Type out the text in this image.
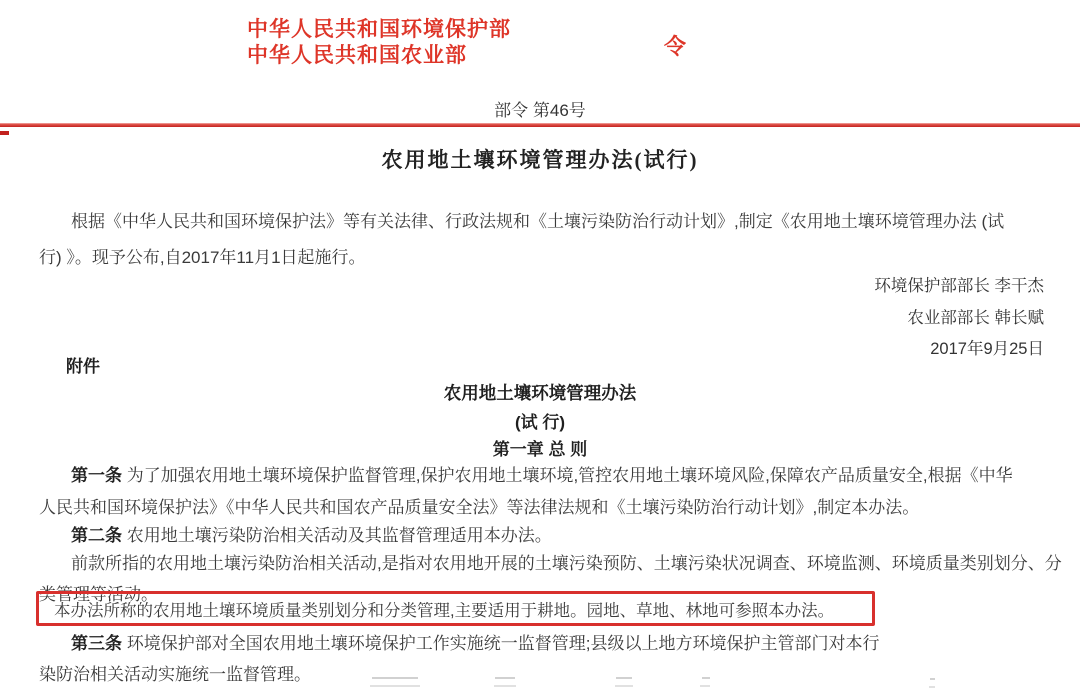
中华人民共和国环境保护部
中华人民共和国农业部	令
部令 第46号
农用地土壤环境管理办法(试行)
根据《中华人民共和国环境保护法》等有关法律、行政法规和《土壤污染防治行动计划》,制定《农用地土壤环境管理办法 (试
行) 》。现予公布,自2017年11月1日起施行。
环境保护部部长 李干杰
农业部部长 韩长赋
2017年9月25日
附件
农用地土壤环境管理办法
(试 行)
第一章 总 则
第一条 为了加强农用地土壤环境保护监督管理,保护农用地土壤环境,管控农用地土壤环境风险,保障农产品质量安全,根据《中华
人民共和国环境保护法》《中华人民共和国农产品质量安全法》等法律法规和《土壤污染防治行动计划》,制定本办法。
第二条 农用地土壤污染防治相关活动及其监督管理适用本办法。
前款所指的农用地土壤污染防治相关活动,是指对农用地开展的土壤污染预防、土壤污染状况调查、环境监测、环境质量类别划分、分
类管理等活动。
本办法所称的农用地土壤环境质量类别划分和分类管理,主要适用于耕地。园地、草地、林地可参照本办法。
第三条 环境保护部对全国农用地土壤环境保护工作实施统一监督管理;县级以上地方环境保护主管部门对本行
染防治相关活动实施统一监督管理。
